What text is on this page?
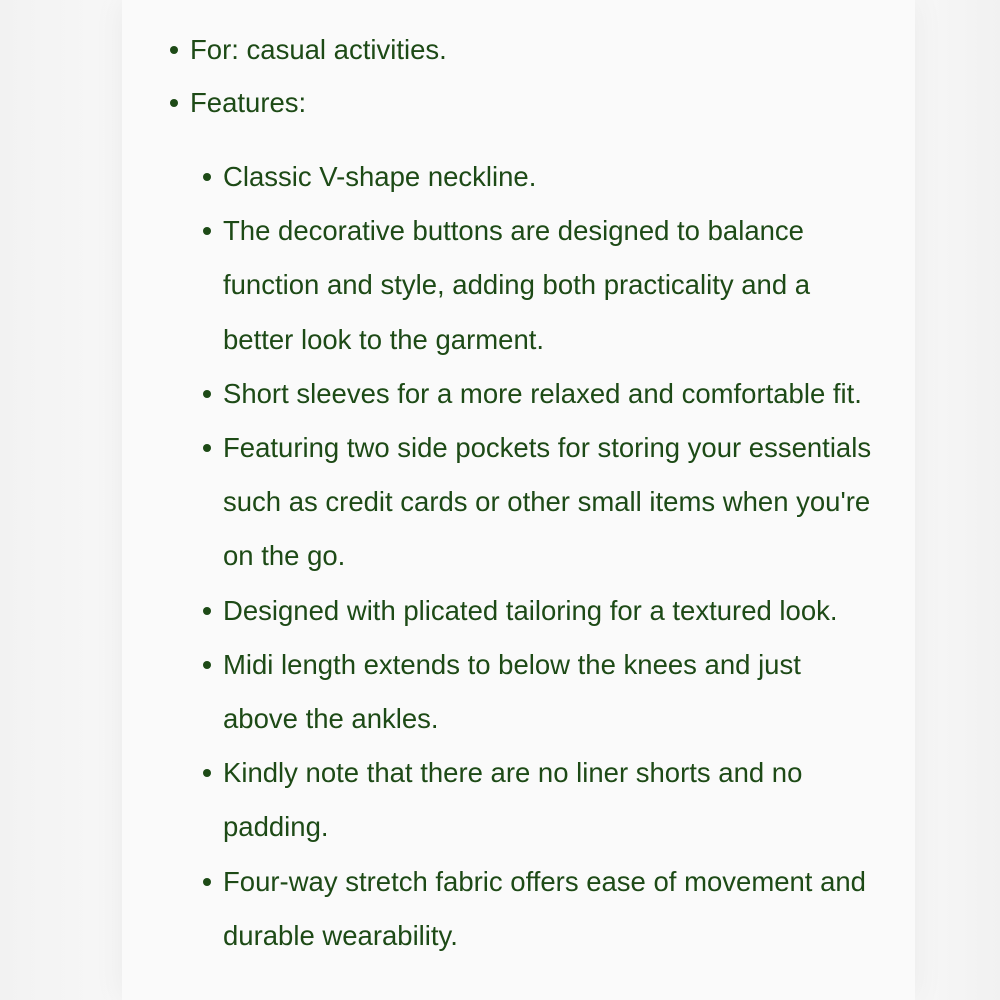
For: casual activities.
Features:
Classic V-shape neckline.
The decorative buttons are designed to balance function and style, adding both practicality and a better look to the garment.
Short sleeves for a more relaxed and comfortable fit.
Featuring two side pockets for storing your essentials such as credit cards or other small items when you're on the go.
Designed with plicated tailoring for a textured look.
Midi length extends to below the knees and just above the ankles.
Kindly note that there are no liner shorts and no padding.
Four-way stretch fabric offers ease of movement and durable wearability.
